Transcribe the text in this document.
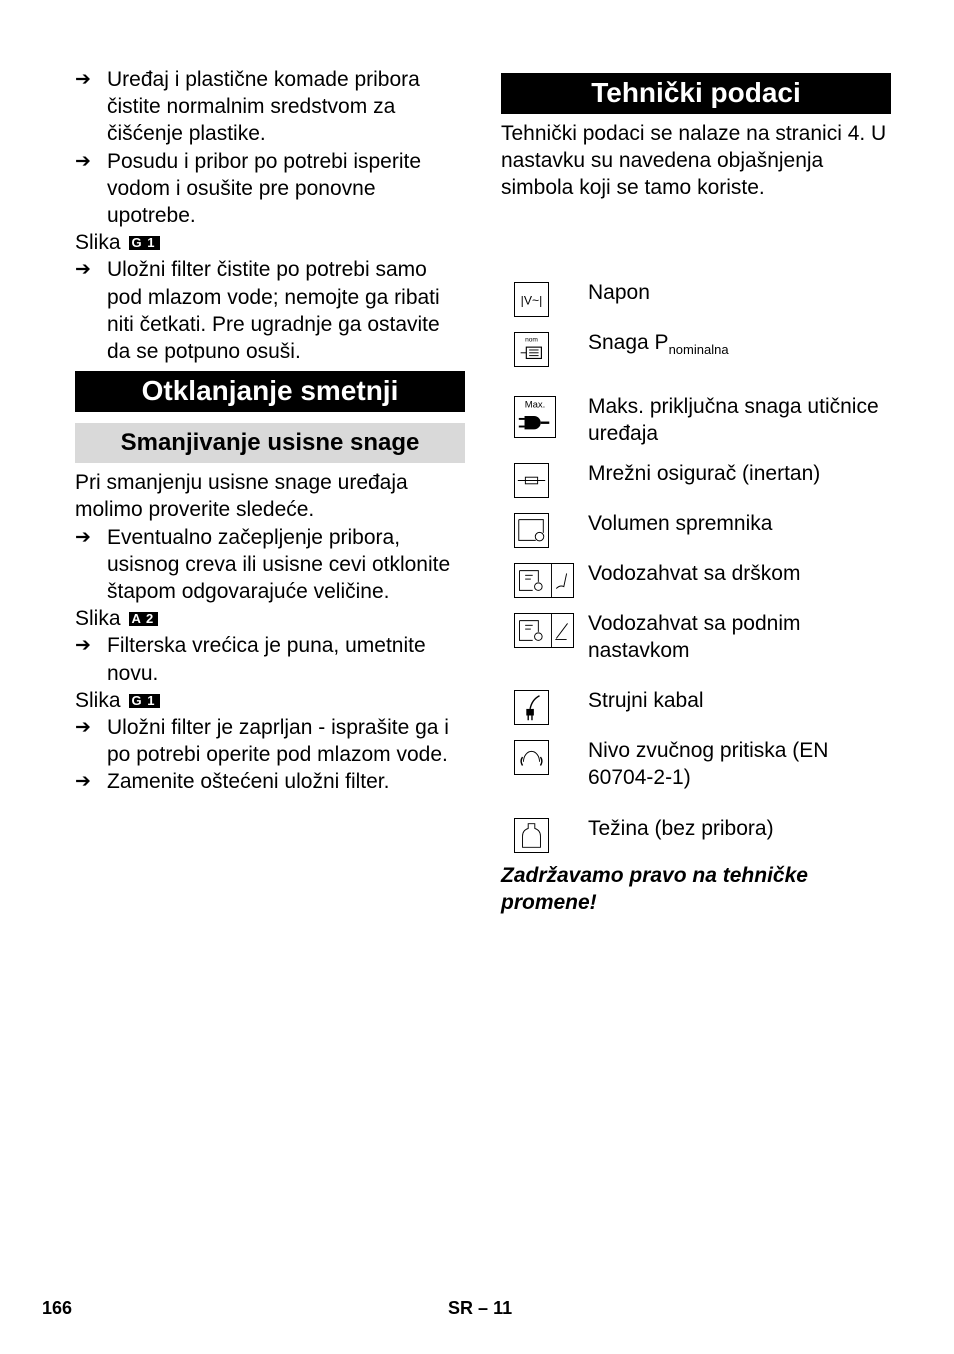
➔ Uređaj i plastične komade pribora čistite normalnim sredstvom za čišćenje plastike.
➔ Posudu i pribor po potrebi isperite vodom i osušite pre ponovne upotrebe.
Slika G 1
➔ Uložni filter čistite po potrebi samo pod mlazom vode; nemojte ga ribati niti četkati. Pre ugradnje ga ostavite da se potpuno osuši.
Otklanjanje smetnji
Smanjivanje usisne snage
Pri smanjenju usisne snage uređaja molimo proverite sledeće.
➔ Eventualno začepljenje pribora, usisnog creva ili usisne cevi otklonite štapom odgovarajuće veličine.
Slika A 2
➔ Filterska vrećica je puna, umetnite novu.
Slika G 1
➔ Uložni filter je zaprljan - isprašite ga i po potrebi operite pod mlazom vode.
➔ Zamenite oštećeni uložni filter.
Tehnički podaci
Tehnički podaci se nalaze na stranici 4. U nastavku su navedena objašnjenja simbola koji se tamo koriste.
|V~| Napon
nom Snaga $P_{nominalna}$
Max. Maks. priključna snaga utičnice uređaja
Mrežni osigurač (inertan)
Volumen spremnika
Vodozahvat sa drškom
Vodozahvat sa podnim nastavkom
Strujni kabal
Nivo zvučnog pritiska (EN 60704-2-1)
Težina (bez pribora)
Zadržavamo pravo na tehničke promene!
166	SR – 11
